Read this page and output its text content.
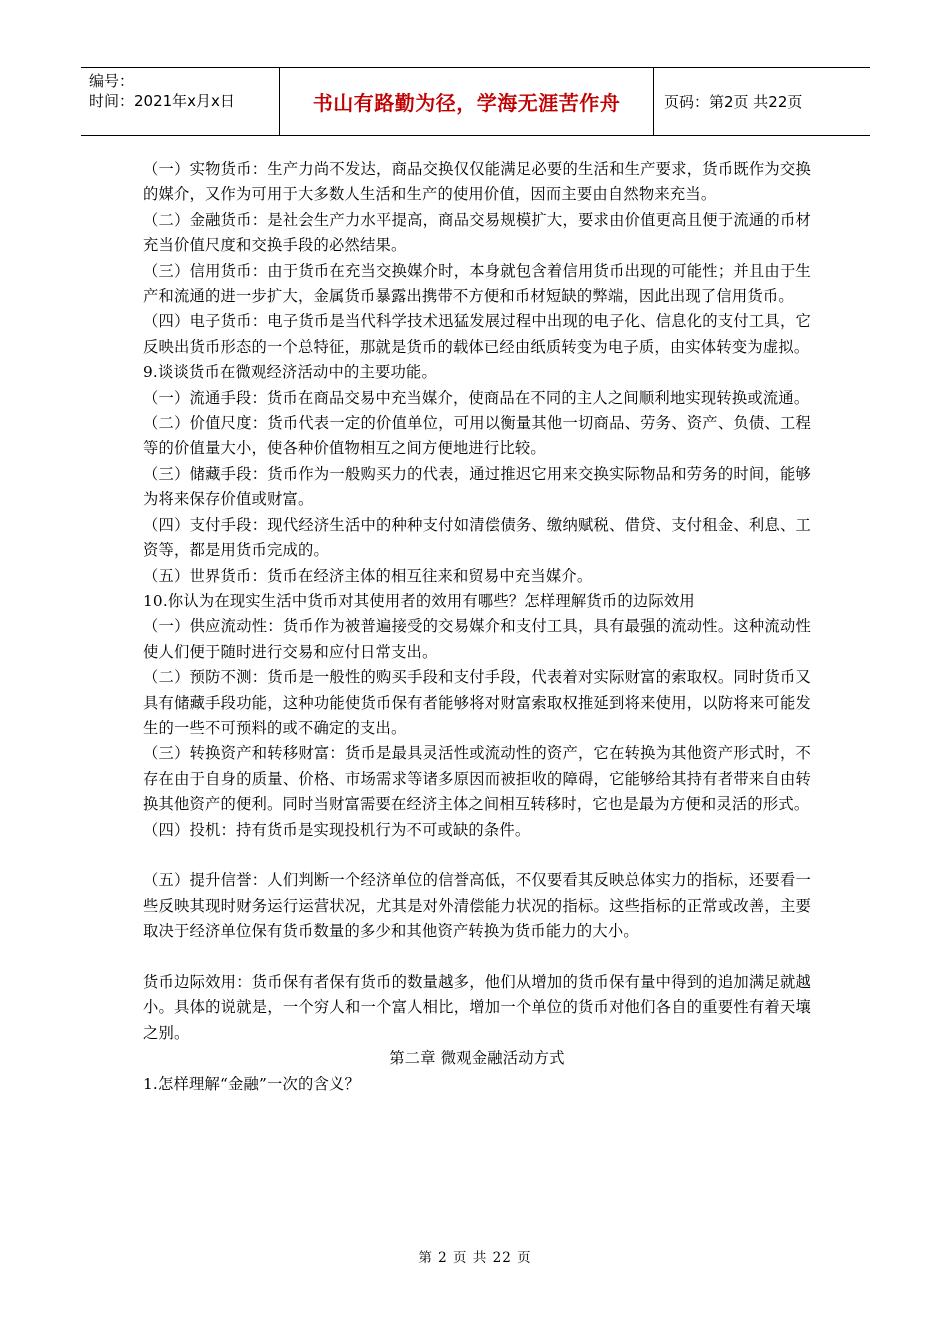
编号：
时间：2021年x月x日	书山有路勤为径，学海无涯苦作舟	页码：第2页 共22页

（一）实物货币：生产力尚不发达，商品交换仅仅能满足必要的生活和生产要求，货币既作为交换的媒介，又作为可用于大多数人生活和生产的使用价值，因而主要由自然物来充当。

（二）金融货币：是社会生产力水平提高，商品交易规模扩大，要求由价值更高且便于流通的币材充当价值尺度和交换手段的必然结果。

（三）信用货币：由于货币在充当交换媒介时，本身就包含着信用货币出现的可能性；并且由于生产和流通的进一步扩大，金属货币暴露出携带不方便和币材短缺的弊端，因此出现了信用货币。

（四）电子货币：电子货币是当代科学技术迅猛发展过程中出现的电子化、信息化的支付工具，它反映出货币形态的一个总特征，那就是货币的载体已经由纸质转变为电子质，由实体转变为虚拟。

9.谈谈货币在微观经济活动中的主要功能。

（一）流通手段：货币在商品交易中充当媒介，使商品在不同的主人之间顺利地实现转换或流通。

（二）价值尺度：货币代表一定的价值单位，可用以衡量其他一切商品、劳务、资产、负债、工程等的价值量大小，使各种价值物相互之间方便地进行比较。

（三）储藏手段：货币作为一般购买力的代表，通过推迟它用来交换实际物品和劳务的时间，能够为将来保存价值或财富。

（四）支付手段：现代经济生活中的种种支付如清偿债务、缴纳赋税、借贷、支付租金、利息、工资等，都是用货币完成的。

（五）世界货币：货币在经济主体的相互往来和贸易中充当媒介。

10.你认为在现实生活中货币对其使用者的效用有哪些？怎样理解货币的边际效用

（一）供应流动性：货币作为被普遍接受的交易媒介和支付工具，具有最强的流动性。这种流动性使人们便于随时进行交易和应付日常支出。

（二）预防不测：货币是一般性的购买手段和支付手段，代表着对实际财富的索取权。同时货币又具有储藏手段功能，这种功能使货币保有者能够将对财富索取权推延到将来使用，以防将来可能发生的一些不可预料的或不确定的支出。

（三）转换资产和转移财富：货币是最具灵活性或流动性的资产，它在转换为其他资产形式时，不存在由于自身的质量、价格、市场需求等诸多原因而被拒收的障碍，它能够给其持有者带来自由转换其他资产的便利。同时当财富需要在经济主体之间相互转移时，它也是最为方便和灵活的形式。

（四）投机：持有货币是实现投机行为不可或缺的条件。

（五）提升信誉：人们判断一个经济单位的信誉高低，不仅要看其反映总体实力的指标，还要看一些反映其现时财务运行运营状况，尤其是对外清偿能力状况的指标。这些指标的正常或改善，主要取决于经济单位保有货币数量的多少和其他资产转换为货币能力的大小。

货币边际效用：货币保有者保有货币的数量越多，他们从增加的货币保有量中得到的追加满足就越小。具体的说就是，一个穷人和一个富人相比，增加一个单位的货币对他们各自的重要性有着天壤之别。

第二章 微观金融活动方式

1.怎样理解“金融”一次的含义？

第 2 页 共 22 页
